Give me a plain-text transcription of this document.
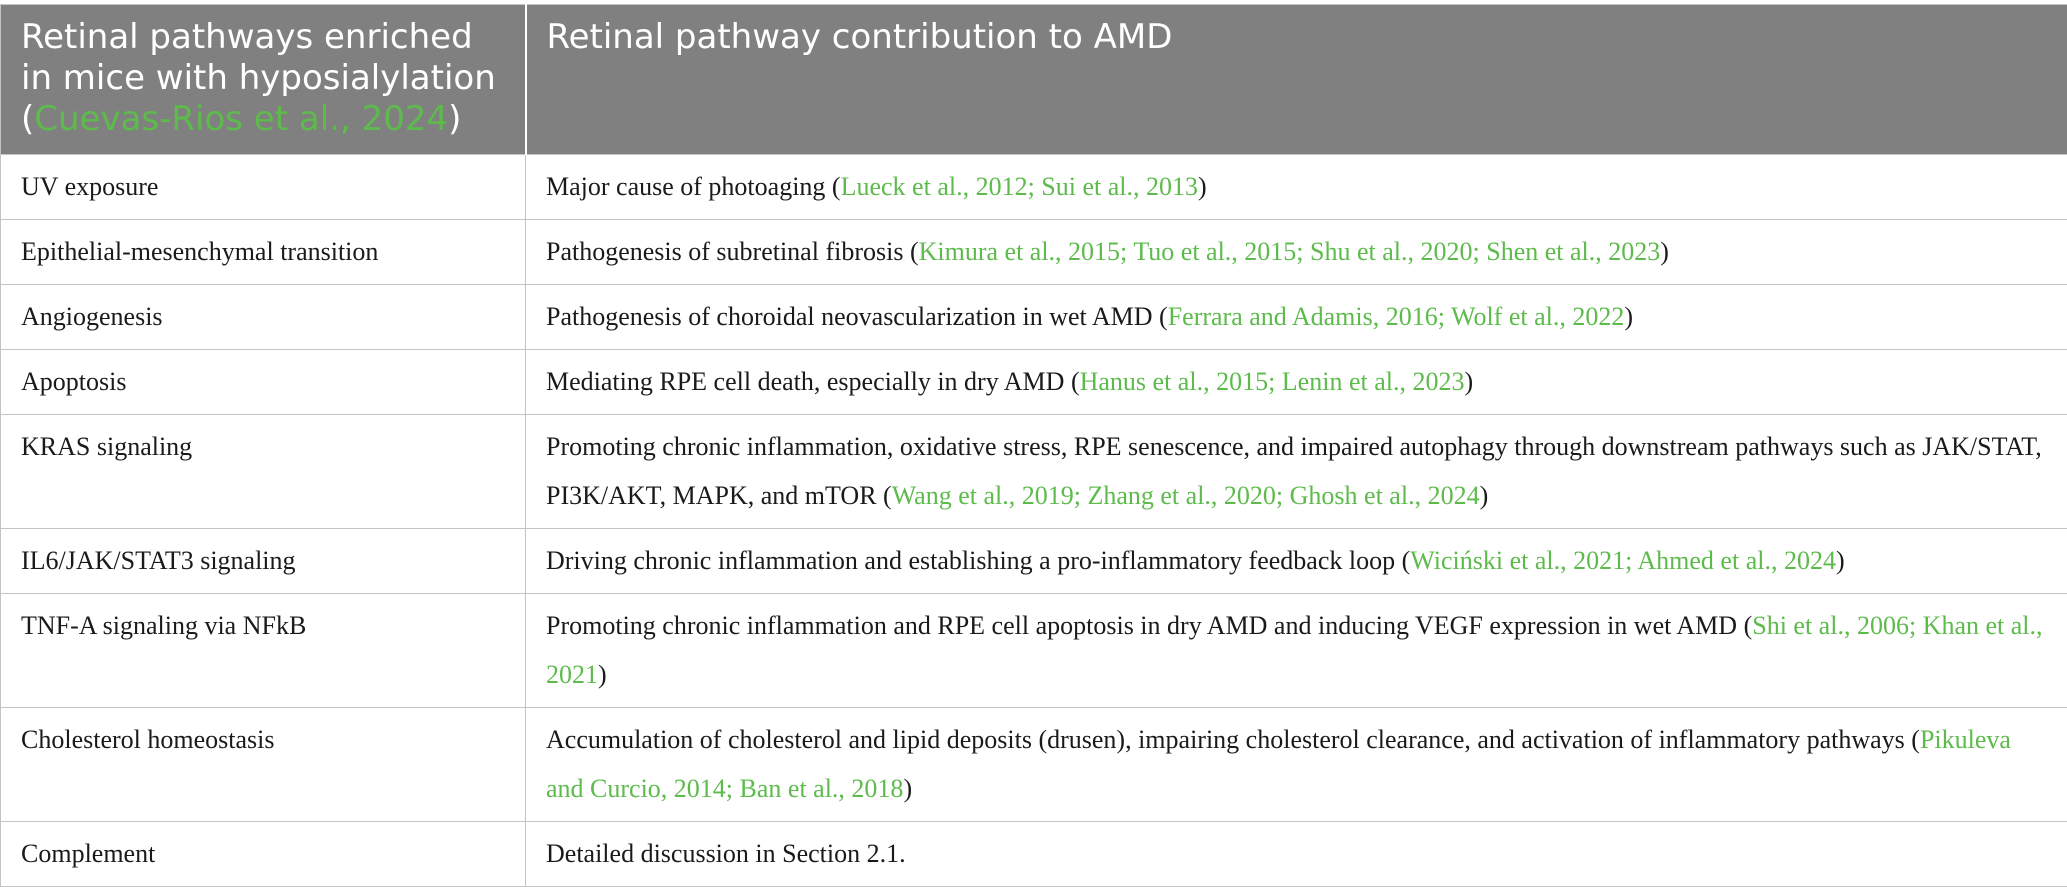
Retinal pathways enriched
in mice with hyposialylation
(Cuevas-Rios et al., 2024)	Retinal pathway contribution to AMD
UV exposure	Major cause of photoaging (Lueck et al., 2012; Sui et al., 2013)
Epithelial-mesenchymal transition	Pathogenesis of subretinal fibrosis (Kimura et al., 2015; Tuo et al., 2015; Shu et al., 2020; Shen et al., 2023)
Angiogenesis	Pathogenesis of choroidal neovascularization in wet AMD (Ferrara and Adamis, 2016; Wolf et al., 2022)
Apoptosis	Mediating RPE cell death, especially in dry AMD (Hanus et al., 2015; Lenin et al., 2023)
KRAS signaling	Promoting chronic inflammation, oxidative stress, RPE senescence, and impaired autophagy through downstream pathways such as JAK/STAT, PI3K/AKT, MAPK, and mTOR (Wang et al., 2019; Zhang et al., 2020; Ghosh et al., 2024)
IL6/JAK/STAT3 signaling	Driving chronic inflammation and establishing a pro-inflammatory feedback loop (Wiciński et al., 2021; Ahmed et al., 2024)
TNF-A signaling via NFkB	Promoting chronic inflammation and RPE cell apoptosis in dry AMD and inducing VEGF expression in wet AMD (Shi et al., 2006; Khan et al., 2021)
Cholesterol homeostasis	Accumulation of cholesterol and lipid deposits (drusen), impairing cholesterol clearance, and activation of inflammatory pathways (Pikuleva and Curcio, 2014; Ban et al., 2018)
Complement	Detailed discussion in Section 2.1.
